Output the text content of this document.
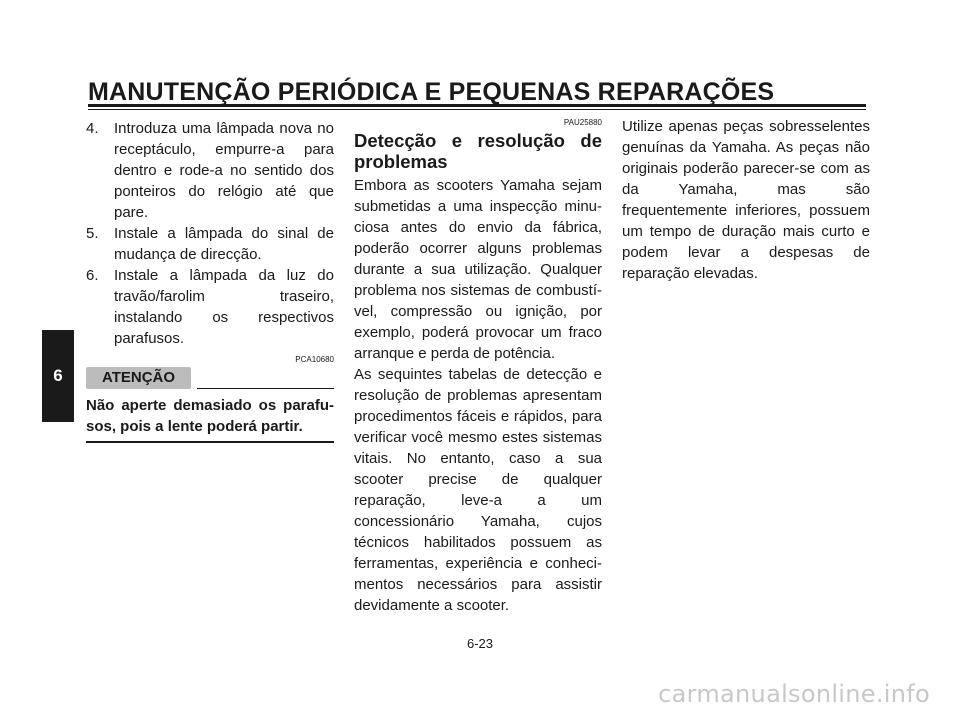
MANUTENÇÃO PERIÓDICA E PEQUENAS REPARAÇÕES
6
4.	Introduza uma lâmpada nova no receptáculo, empurre-a para dentro e rode-a no sentido dos ponteiros do relógio até que pare.
5.	Instale a lâmpada do sinal de mudança de direcção.
6.	Instale a lâmpada da luz do travão/farolim traseiro, instalando os respectivos parafusos.
PCA10680
ATENÇÃO
Não aperte demasiado os parafu-sos, pois a lente poderá partir.
PAU25880
Detecção e resolução de problemas
Embora as scooters Yamaha sejam submetidas a uma inspecção minu-ciosa antes do envio da fábrica, poderão ocorrer alguns problemas durante a sua utilização. Qualquer problema nos sistemas de combustí-vel, compressão ou ignição, por exemplo, poderá provocar um fraco arranque e perda de potência.
As sequintes tabelas de detecção e resolução de problemas apresentam procedimentos fáceis e rápidos, para verificar você mesmo estes sistemas vitais. No entanto, caso a sua scooter precise de qualquer reparação, leve-a a um concessionário Yamaha, cujos técnicos habilitados possuem as ferramentas, experiência e conheci-mentos necessários para assistir devidamente a scooter.
Utilize apenas peças sobresselentes genuínas da Yamaha. As peças não originais poderão parecer-se com as da Yamaha, mas são frequentemente inferiores, possuem um tempo de duração mais curto e podem levar a despesas de reparação elevadas.
6-23
carmanualsonline.info
